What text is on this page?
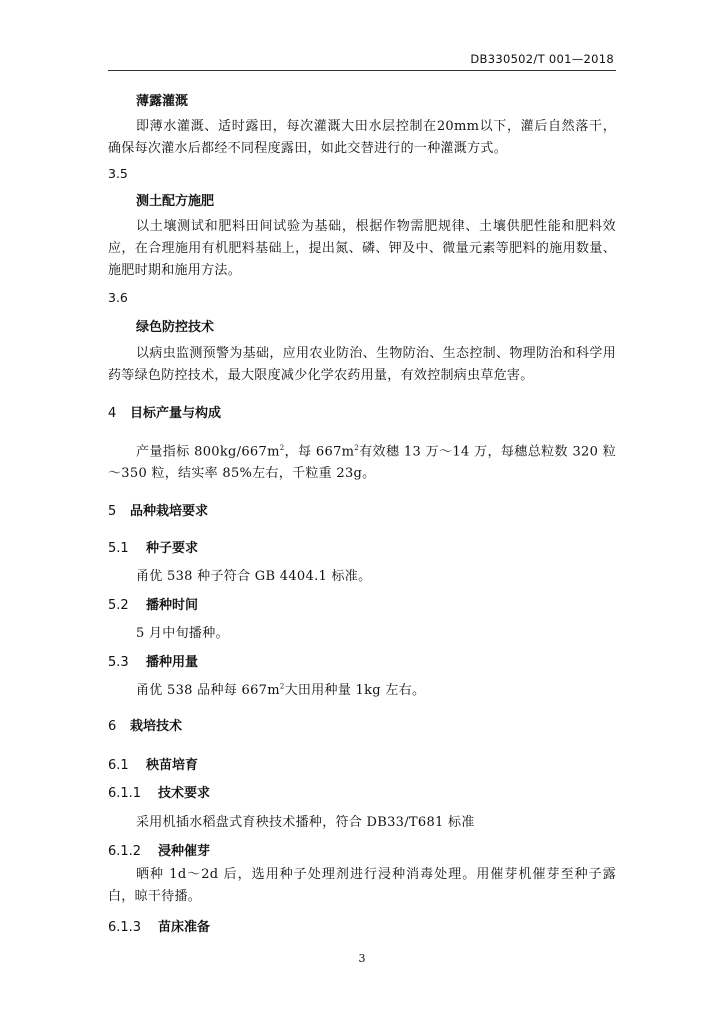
DB330502/T 001—2018
薄露灌溉
即薄水灌溉、适时露田，每次灌溉大田水层控制在20mm以下，灌后自然落干，确保每次灌水后都经不同程度露田，如此交替进行的一种灌溉方式。
3.5
测土配方施肥
以土壤测试和肥料田间试验为基础，根据作物需肥规律、土壤供肥性能和肥料效应，在合理施用有机肥料基础上，提出氮、磷、钾及中、微量元素等肥料的施用数量、施肥时期和施用方法。
3.6
绿色防控技术
以病虫监测预警为基础，应用农业防治、生物防治、生态控制、物理防治和科学用药等绿色防控技术，最大限度减少化学农药用量，有效控制病虫草危害。
4 目标产量与构成
产量指标 $800kg/667m^2$，每 $667m^2$有效穗 13 万～14 万，每穗总粒数 320 粒～350 粒，结实率 85%左右，千粒重 23g。
5 品种栽培要求
5.1 种子要求
甬优 538 种子符合 GB 4404.1 标准。
5.2 播种时间
5 月中旬播种。
5.3 播种用量
甬优 538 品种每 $667m^2$大田用种量 1kg 左右。
6 栽培技术
6.1 秧苗培育
6.1.1 技术要求
采用机插水稻盘式育秧技术播种，符合 DB33/T681 标准
6.1.2 浸种催芽
晒种 1d～2d 后，选用种子处理剂进行浸种消毒处理。用催芽机催芽至种子露白，晾干待播。
6.1.3 苗床准备
3
